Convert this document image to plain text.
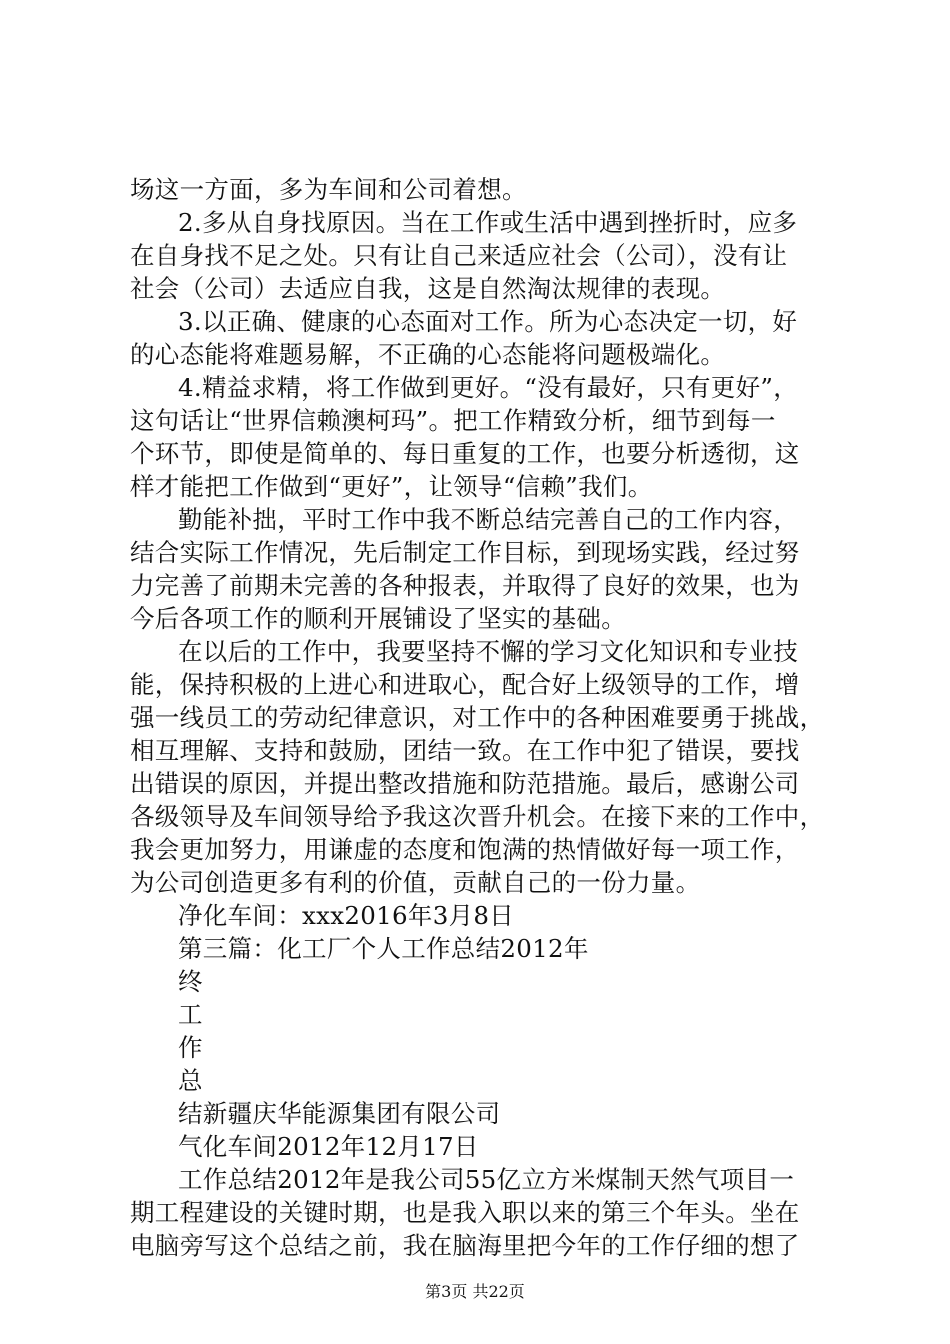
场这一方面，多为车间和公司着想。
2.多从自身找原因。当在工作或生活中遇到挫折时，应多
在自身找不足之处。只有让自己来适应社会（公司），没有让
社会（公司）去适应自我，这是自然淘汰规律的表现。
3.以正确、健康的心态面对工作。所为心态决定一切，好
的心态能将难题易解，不正确的心态能将问题极端化。
4.精益求精，将工作做到更好。“没有最好，只有更好”，
这句话让“世界信赖澳柯玛”。把工作精致分析，细节到每一
个环节，即使是简单的、每日重复的工作，也要分析透彻，这
样才能把工作做到“更好”，让领导“信赖”我们。
勤能补拙，平时工作中我不断总结完善自己的工作内容，
结合实际工作情况，先后制定工作目标，到现场实践，经过努
力完善了前期未完善的各种报表，并取得了良好的效果，也为
今后各项工作的顺利开展铺设了坚实的基础。
在以后的工作中，我要坚持不懈的学习文化知识和专业技
能，保持积极的上进心和进取心，配合好上级领导的工作，增
强一线员工的劳动纪律意识，对工作中的各种困难要勇于挑战，
相互理解、支持和鼓励，团结一致。在工作中犯了错误，要找
出错误的原因，并提出整改措施和防范措施。最后，感谢公司
各级领导及车间领导给予我这次晋升机会。在接下来的工作中，
我会更加努力，用谦虚的态度和饱满的热情做好每一项工作，
为公司创造更多有利的价值，贡献自己的一份力量。
净化车间：xxx2016年3月8日
第三篇：化工厂个人工作总结2012年
终
工
作
总
结新疆庆华能源集团有限公司
气化车间2012年12月17日
工作总结2012年是我公司55亿立方米煤制天然气项目一
期工程建设的关键时期，也是我入职以来的第三个年头。坐在
电脑旁写这个总结之前，我在脑海里把今年的工作仔细的想了
第3页 共22页
